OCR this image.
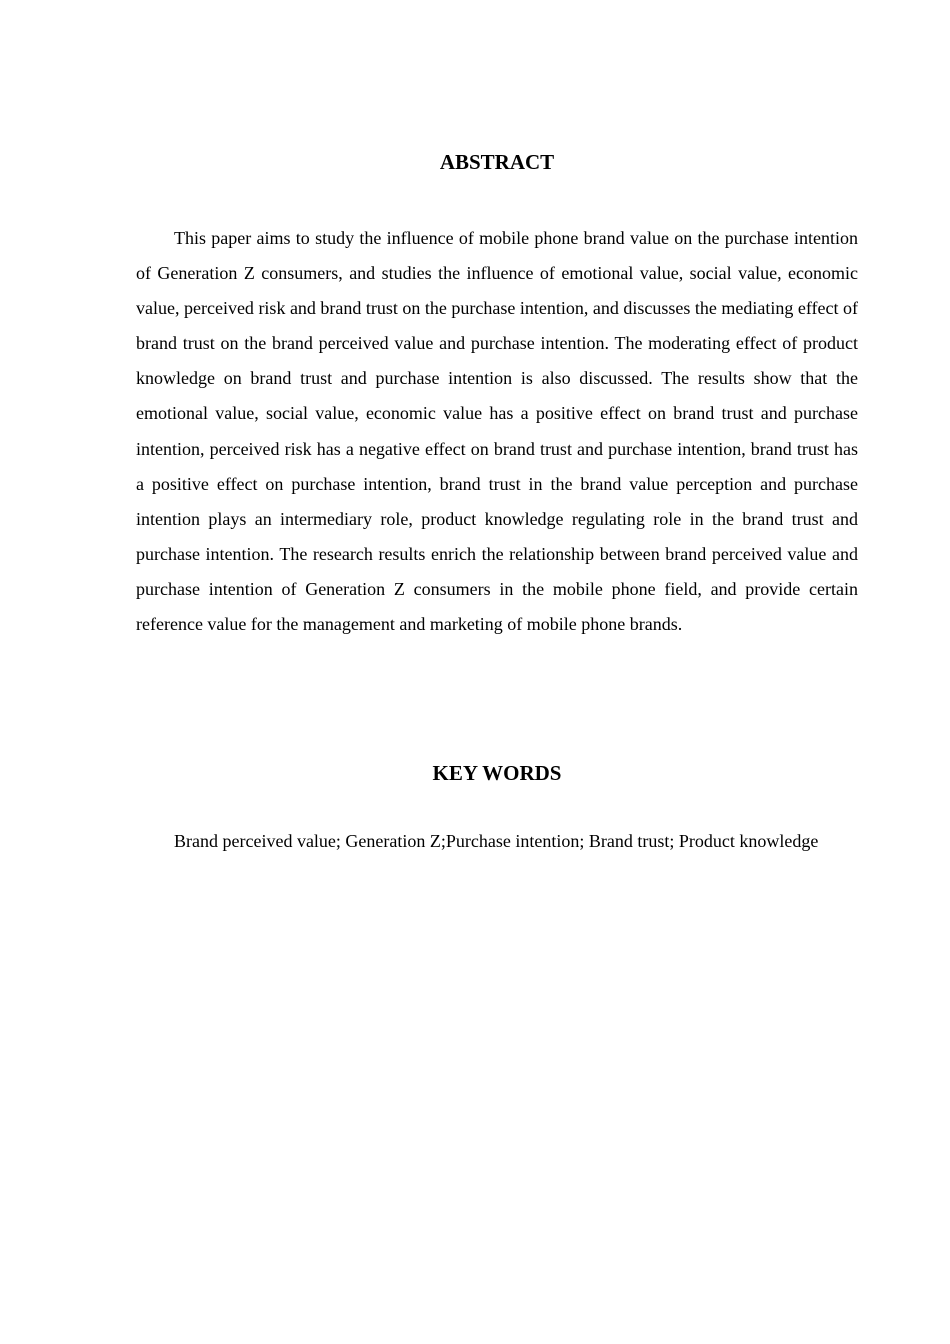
ABSTRACT

This paper aims to study the influence of mobile phone brand value on the purchase intention of Generation Z consumers, and studies the influence of emotional value, social value, economic value, perceived risk and brand trust on the purchase intention, and discusses the mediating effect of brand trust on the brand perceived value and purchase intention. The moderating effect of product knowledge on brand trust and purchase intention is also discussed. The results show that the emotional value, social value, economic value has a positive effect on brand trust and purchase intention, perceived risk has a negative effect on brand trust and purchase intention, brand trust has a positive effect on purchase intention, brand trust in the brand value perception and purchase intention plays an intermediary role, product knowledge regulating role in the brand trust and purchase intention. The research results enrich the relationship between brand perceived value and purchase intention of Generation Z consumers in the mobile phone field, and provide certain reference value for the management and marketing of mobile phone brands.

KEY WORDS

Brand perceived value; Generation Z;Purchase intention; Brand trust; Product knowledge
